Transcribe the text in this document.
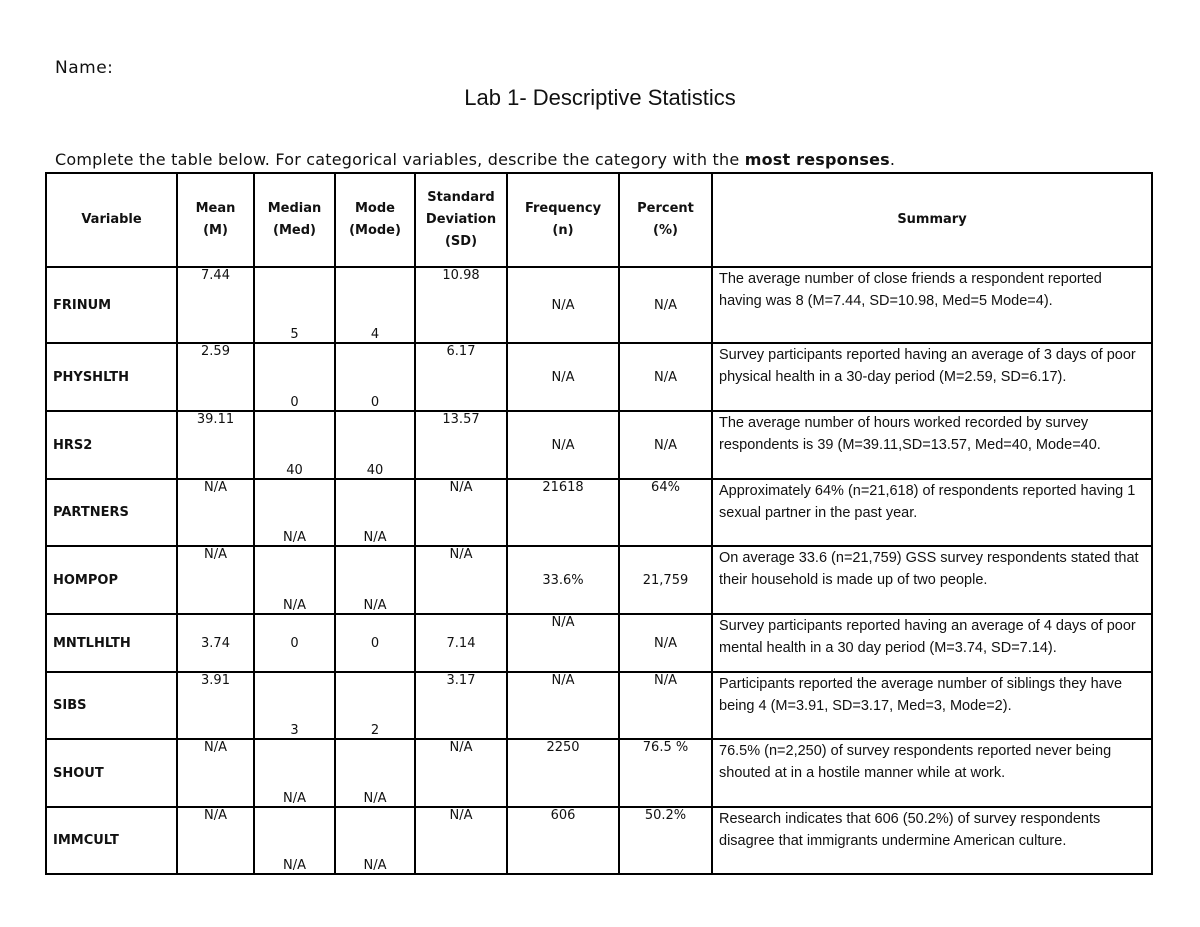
Name:
Lab 1- Descriptive Statistics
Complete the table below. For categorical variables, describe the category with the most responses.
Variable	Mean (M)	Median (Med)	Mode (Mode)	Standard Deviation (SD)	Frequency (n)	Percent (%)	Summary
FRINUM	7.44	5	4	10.98	N/A	N/A	The average number of close friends a respondent reported having was 8 (M=7.44, SD=10.98, Med=5 Mode=4).
PHYSHLTH	2.59	0	0	6.17	N/A	N/A	Survey participants reported having an average of 3 days of poor physical health in a 30-day period (M=2.59, SD=6.17).
HRS2	39.11	40	40	13.57	N/A	N/A	The average number of hours worked recorded by survey respondents is 39 (M=39.11,SD=13.57, Med=40, Mode=40.
PARTNERS	N/A	N/A	N/A	N/A	21618	64%	Approximately 64% (n=21,618) of respondents reported having 1 sexual partner in the past year.
HOMPOP	N/A	N/A	N/A	N/A	33.6%	21,759	On average 33.6 (n=21,759) GSS survey respondents stated that their household is made up of two people.
MNTLHLTH	3.74	0	0	7.14	N/A	N/A	Survey participants reported having an average of 4 days of poor mental health in a 30 day period (M=3.74, SD=7.14).
SIBS	3.91	3	2	3.17	N/A	N/A	Participants reported the average number of siblings they have being 4 (M=3.91, SD=3.17, Med=3, Mode=2).
SHOUT	N/A	N/A	N/A	N/A	2250	76.5 %	76.5% (n=2,250) of survey respondents reported never being shouted at in a hostile manner while at work.
IMMCULT	N/A	N/A	N/A	N/A	606	50.2%	Research indicates that 606 (50.2%) of survey respondents disagree that immigrants undermine American culture.
